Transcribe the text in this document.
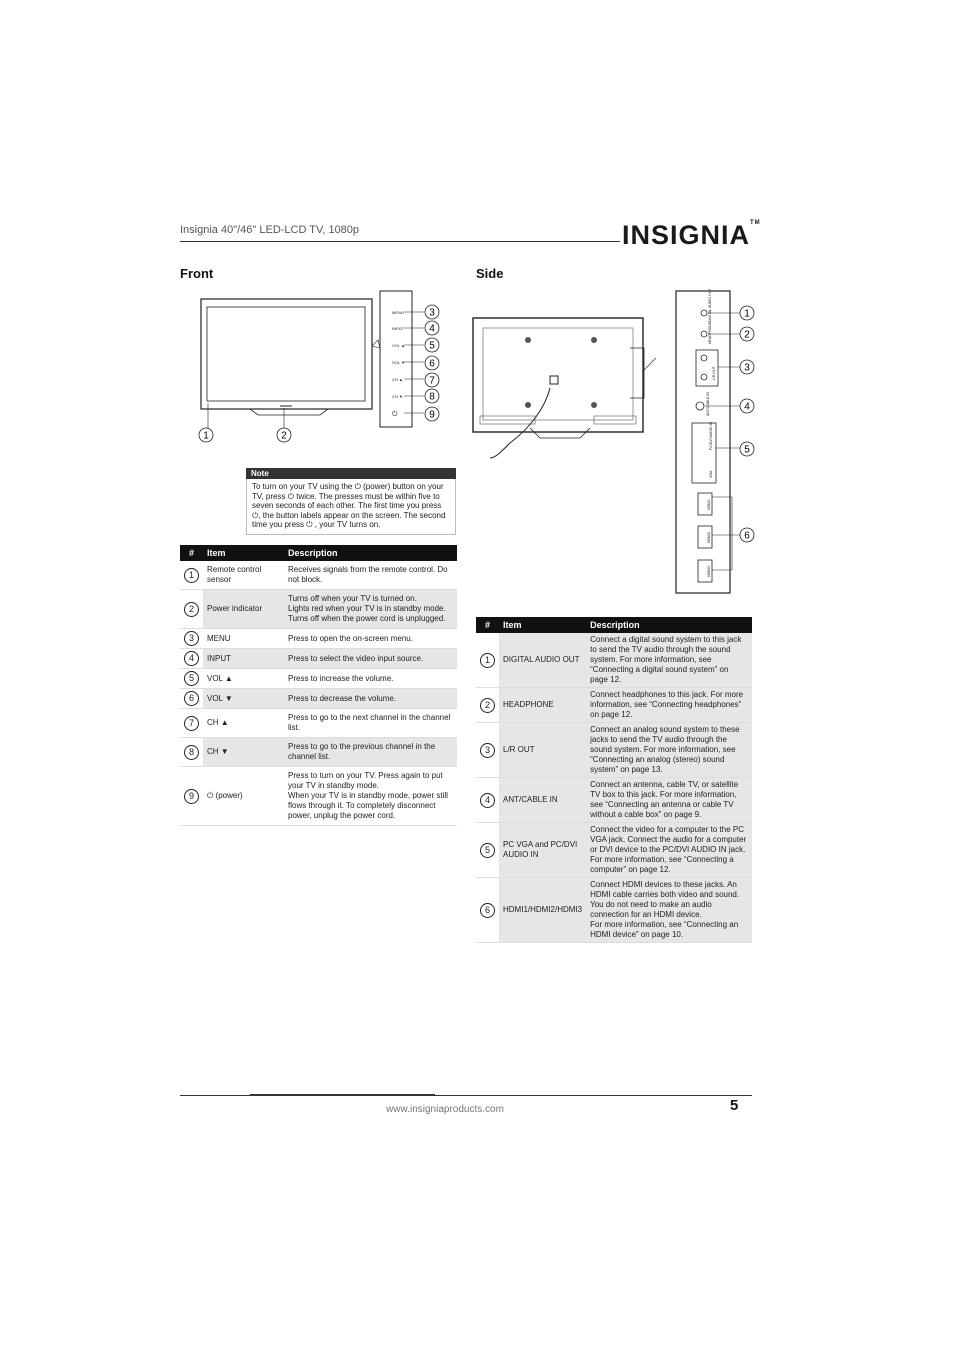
Insignia 40"/46" LED-LCD TV, 1080p	INSIGNIA™
Front
1	2
MENU
INPUT
VOL ▲
VOL ▼
CH ▲
CH ▼
⏻
3
4
5
6
7
8
9
Note
To turn on your TV using the ⏻ (power) button on your TV, press ⏻ twice. The presses must be within five to seven seconds of each other. The first time you press ⏻, the button labels appear on the screen. The second time you press ⏻ , your TV turns on.
#	Item	Description
1	Remote control sensor	Receives signals from the remote control. Do not block.
2	Power indicator	Turns off when your TV is turned on.
Lights red when your TV is in standby mode.
Turns off when the power cord is unplugged.
3	MENU	Press to open the on-screen menu.
4	INPUT	Press to select the video input source.
5	VOL ▲	Press to increase the volume.
6	VOL ▼	Press to decrease the volume.
7	CH ▲	Press to go to the next channel in the channel list.
8	CH ▼	Press to go to the previous channel in the channel list.
9	⏻ (power)	Press to turn on your TV. Press again to put your TV in standby mode.
When your TV is in standby mode, power still flows through it. To completely disconnect power, unplug the power cord.
Side
DIGITAL AUDIO OUT
HEADPHONE
L/R OUT
ANT/CABLE IN
PC/DVI AUDIO IN
VGA
HDMI1
HDMI2
HDMI3
1
2
3
4
5
6
#	Item	Description
1	DIGITAL AUDIO OUT	Connect a digital sound system to this jack to send the TV audio through the sound system. For more information, see “Connecting a digital sound system” on page 12.
2	HEADPHONE	Connect headphones to this jack. For more information, see “Connecting headphones” on page 12.
3	L/R OUT	Connect an analog sound system to these jacks to send the TV audio through the sound system. For more information, see “Connecting an analog (stereo) sound system” on page 13.
4	ANT/CABLE IN	Connect an antenna, cable TV, or satellite TV box to this jack. For more information, see “Connecting an antenna or cable TV without a cable box” on page 9.
5	PC VGA and PC/DVI AUDIO IN	Connect the video for a computer to the PC VGA jack. Connect the audio for a computer or DVI device to the PC/DVI AUDIO IN jack. For more information, see “Connecting a computer” on page 12.
6	HDMI1/HDMI2/HDMI3	Connect HDMI devices to these jacks. An HDMI cable carries both video and sound. You do not need to make an audio connection for an HDMI device.
For more information, see “Connecting an HDMI device” on page 10.
www.insigniaproducts.com	5
